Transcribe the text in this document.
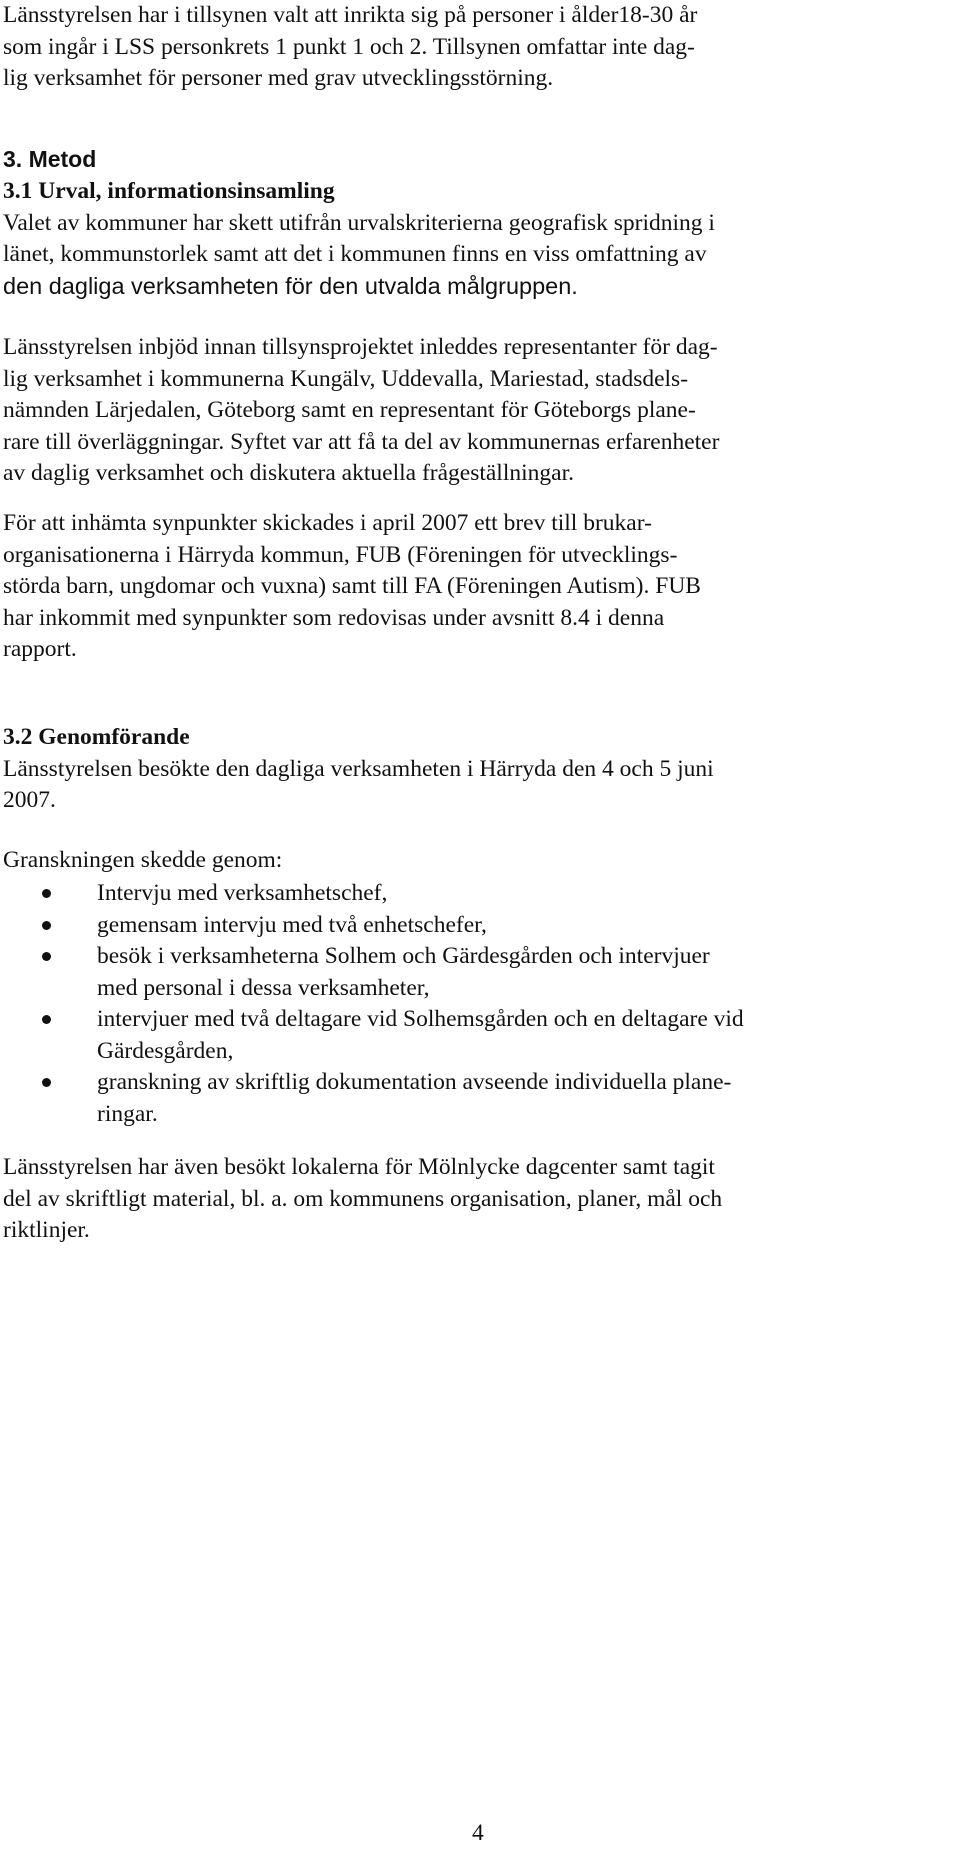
Länsstyrelsen har i tillsynen valt att inrikta sig på personer i ålder18-30 år
som ingår i LSS personkrets 1 punkt 1 och 2. Tillsynen omfattar inte dag-
lig verksamhet för personer med grav utvecklingsstörning.

3. Metod

3.1 Urval, informationsinsamling
Valet av kommuner har skett utifrån urvalskriterierna geografisk spridning i
länet, kommunstorlek samt att det i kommunen finns en viss omfattning av
den dagliga verksamheten för den utvalda målgruppen.

Länsstyrelsen inbjöd innan tillsynsprojektet inleddes representanter för dag-
lig verksamhet i kommunerna Kungälv, Uddevalla, Mariestad, stadsdels-
nämnden Lärjedalen, Göteborg samt en representant för Göteborgs plane-
rare till överläggningar. Syftet var att få ta del av kommunernas erfarenheter
av daglig verksamhet och diskutera aktuella frågeställningar.

För att inhämta synpunkter skickades i april 2007 ett brev till brukar-
organisationerna i Härryda kommun, FUB (Föreningen för utvecklings-
störda barn, ungdomar och vuxna) samt till FA (Föreningen Autism). FUB
har inkommit med synpunkter som redovisas under avsnitt 8.4 i denna
rapport.

3.2 Genomförande
Länsstyrelsen besökte den dagliga verksamheten i Härryda den 4 och 5 juni
2007.

Granskningen skedde genom:

Intervju med verksamhetschef,
gemensam intervju med två enhetschefer,
besök i verksamheterna Solhem och Gärdesgården och intervjuer
med personal i dessa verksamheter,
intervjuer med två deltagare vid Solhemsgården och en deltagare vid
Gärdesgården,
granskning av skriftlig dokumentation avseende individuella plane-
ringar.

Länsstyrelsen har även besökt lokalerna för Mölnlycke dagcenter samt tagit
del av skriftligt material, bl. a. om kommunens organisation, planer, mål och
riktlinjer.

4
